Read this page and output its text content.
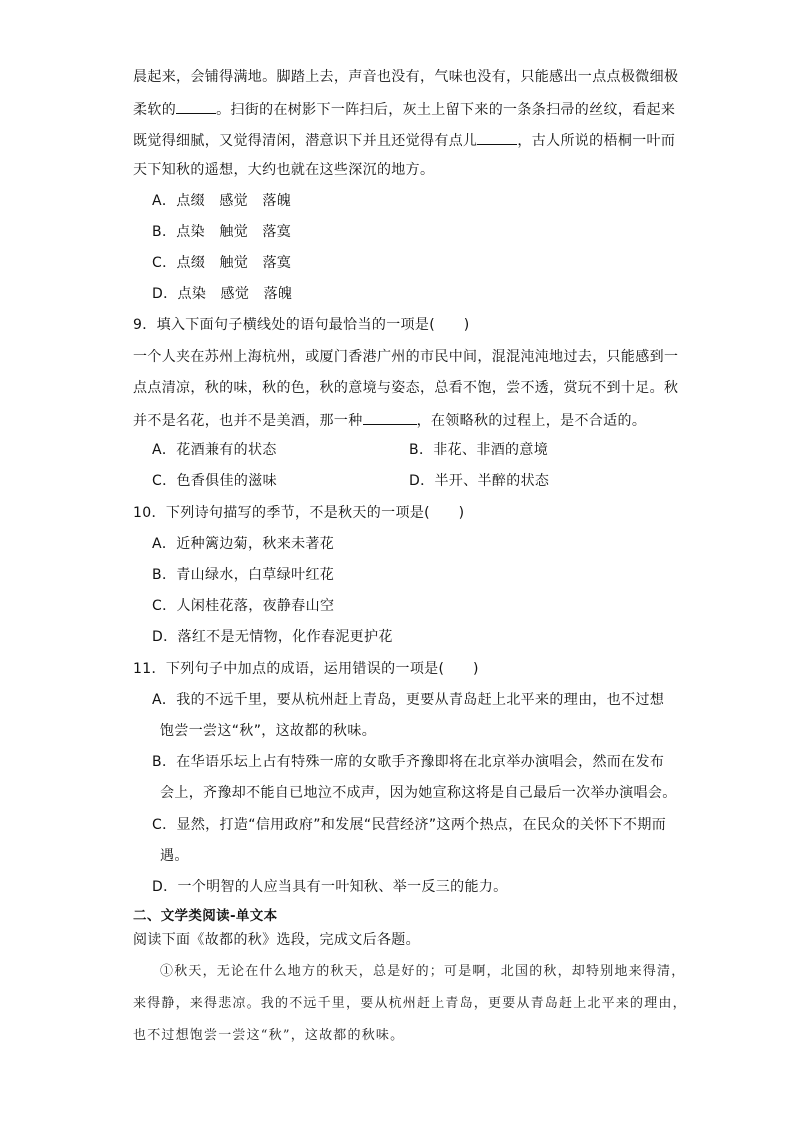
晨起来，会铺得满地。脚踏上去，声音也没有，气味也没有，只能感出一点点极微细极
柔软的	。扫街的在树影下一阵扫后，灰土上留下来的一条条扫帚的丝纹，看起来
既觉得细腻，又觉得清闲，潜意识下并且还觉得有点儿	，古人所说的梧桐一叶而
天下知秋的遥想，大约也就在这些深沉的地方。
A．点缀　感觉　落魄
B．点染　触觉　落寞
C．点缀　触觉　落寞
D．点染　感觉　落魄
9．填入下面句子横线处的语句最恰当的一项是(　　)
一个人夹在苏州上海杭州，或厦门香港广州的市民中间，混混沌沌地过去，只能感到一
点点清凉，秋的味，秋的色，秋的意境与姿态，总看不饱，尝不透，赏玩不到十足。秋
并不是名花，也并不是美酒，那一种	，在领略秋的过程上，是不合适的。
A．花酒兼有的状态	B．非花、非酒的意境
C．色香俱佳的滋味	D．半开、半醉的状态
10．下列诗句描写的季节，不是秋天的一项是(　　)
A．近种篱边菊，秋来未著花
B．青山绿水，白草绿叶红花
C．人闲桂花落，夜静春山空
D．落红不是无情物，化作春泥更护花
11．下列句子中加点的成语，运用错误的一项是(　　)
A．我的不远千里，要从杭州赶上青岛，更要从青岛赶上北平来的理由，也不过想
饱尝一尝这“秋”，这故都的秋味。
B．在华语乐坛上占有特殊一席的女歌手齐豫即将在北京举办演唱会，然而在发布
会上，齐豫却不能自已地泣不成声，因为她宣称这将是自己最后一次举办演唱会。
C．显然，打造“信用政府”和发展“民营经济”这两个热点，在民众的关怀下不期而
遇。
D．一个明智的人应当具有一叶知秋、举一反三的能力。
二、文学类阅读-单文本
阅读下面《故都的秋》选段，完成文后各题。
①秋天，无论在什么地方的秋天，总是好的；可是啊，北国的秋，却特别地来得清，
来得静，来得悲凉。我的不远千里，要从杭州赶上青岛，更要从青岛赶上北平来的理由，
也不过想饱尝一尝这“秋”，这故都的秋味。
